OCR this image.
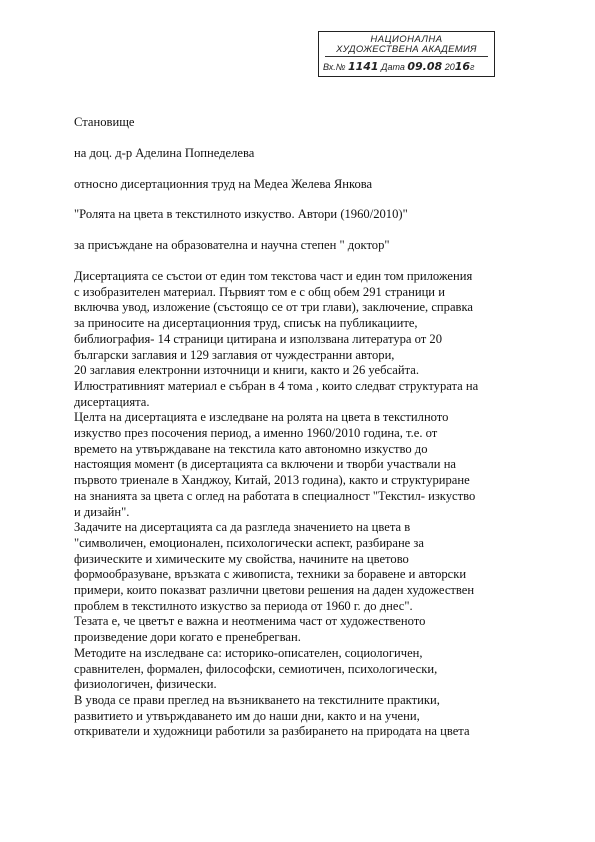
НАЦИОНАЛНА
ХУДОЖЕСТВЕНА АКАДЕМИЯ
Вх.№ 1141 Дата 09.08 2016г
Становище
на доц. д-р Аделина Попнеделева
относно дисертационния труд на Медеа Желева Янкова
"Ролята на цвета в текстилното изкуство. Автори (1960/2010)"
за присъждане на образователна и научна степен " доктор"
Дисертацията се състои от един том текстова част и един том приложения
с изобразителен материал. Първият том е с общ обем 291 страници и
включва увод, изложение (състоящо се от три глави), заключение, справка
за приносите на дисертационния труд, списък на публикациите,
библиография- 14 страници цитирана и използвана литература от 20
български заглавия и 129 заглавия от чуждестранни автори,
20 заглавия електронни източници и книги, както и 26 уебсайта.
Илюстративният материал е събран в 4 тома , които следват структурата на
дисертацията.
Целта на дисертацията е изследване на ролята на цвета в текстилното
изкуство през посочения период, а именно 1960/2010 година, т.е. от
времето на утвърждаване на текстила като автономно изкуство до
настоящия момент (в дисертацията са включени и творби участвали на
първото триенале в Ханджоу, Китай, 2013 година), както и структуриране
на знанията за цвета с оглед на работата в специалност "Текстил- изкуство
и дизайн".
Задачите на дисертацията са да разгледа значението на цвета в
"символичен, емоционален, психологически аспект, разбиране за
физическите и химическите му свойства, начините на цветово
формообразуване, връзката с живописта, техники за боравене и авторски
примери, които показват различни цветови решения на даден художествен
проблем в текстилното изкуство за периода от 1960 г. до днес".
Тезата е, че цветът е важна и неотменима част от художественото
произведение дори когато е пренебрегван.
Методите на изследване са: историко-описателен, социологичен,
сравнителен, формален, философски, семиотичен, психологически,
физиологичен, физически.
В увода се прави преглед на възникването на текстилните практики,
развитието и утвърждаването им до наши дни, както и на учени,
откриватели и художници работили за разбирането на природата на цвета
